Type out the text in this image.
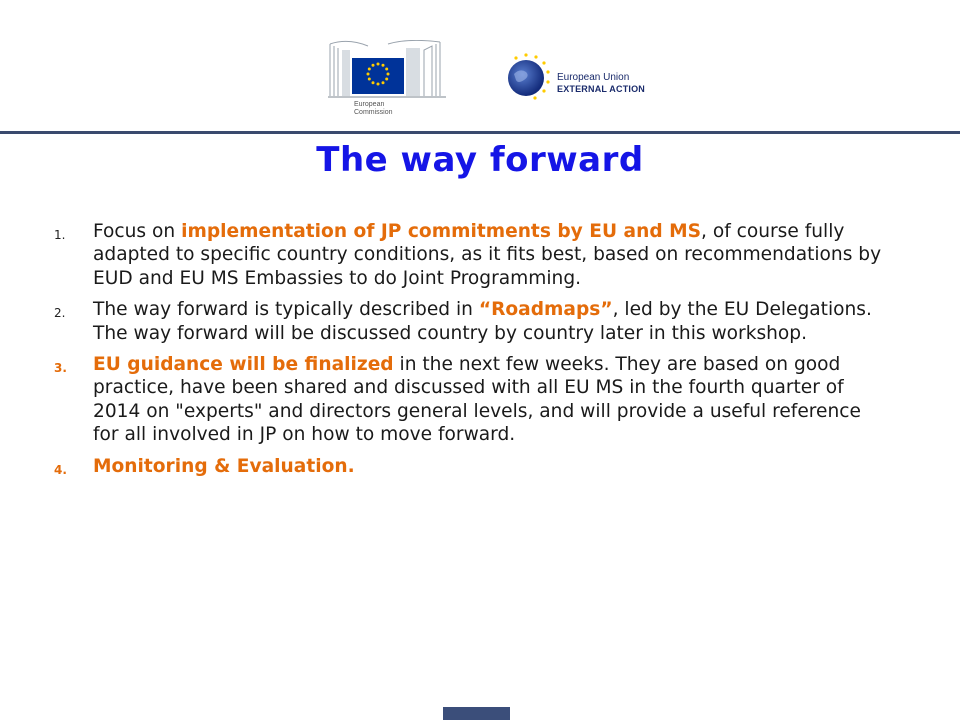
European
Commission
European Union
EXTERNAL ACTION
The way forward
1. Focus on implementation of JP commitments by EU and MS, of course fully adapted to specific country conditions, as it fits best, based on recommendations by EUD and EU MS Embassies to do Joint Programming.
2. The way forward is typically described in “Roadmaps”, led by the EU Delegations. The way forward will be discussed country by country later in this workshop.
3. EU guidance will be finalized in the next few weeks. They are based on good practice, have been shared and discussed with all EU MS in the fourth quarter of 2014 on "experts" and directors general levels, and will provide a useful reference for all involved in JP on how to move forward.
4. Monitoring & Evaluation.
